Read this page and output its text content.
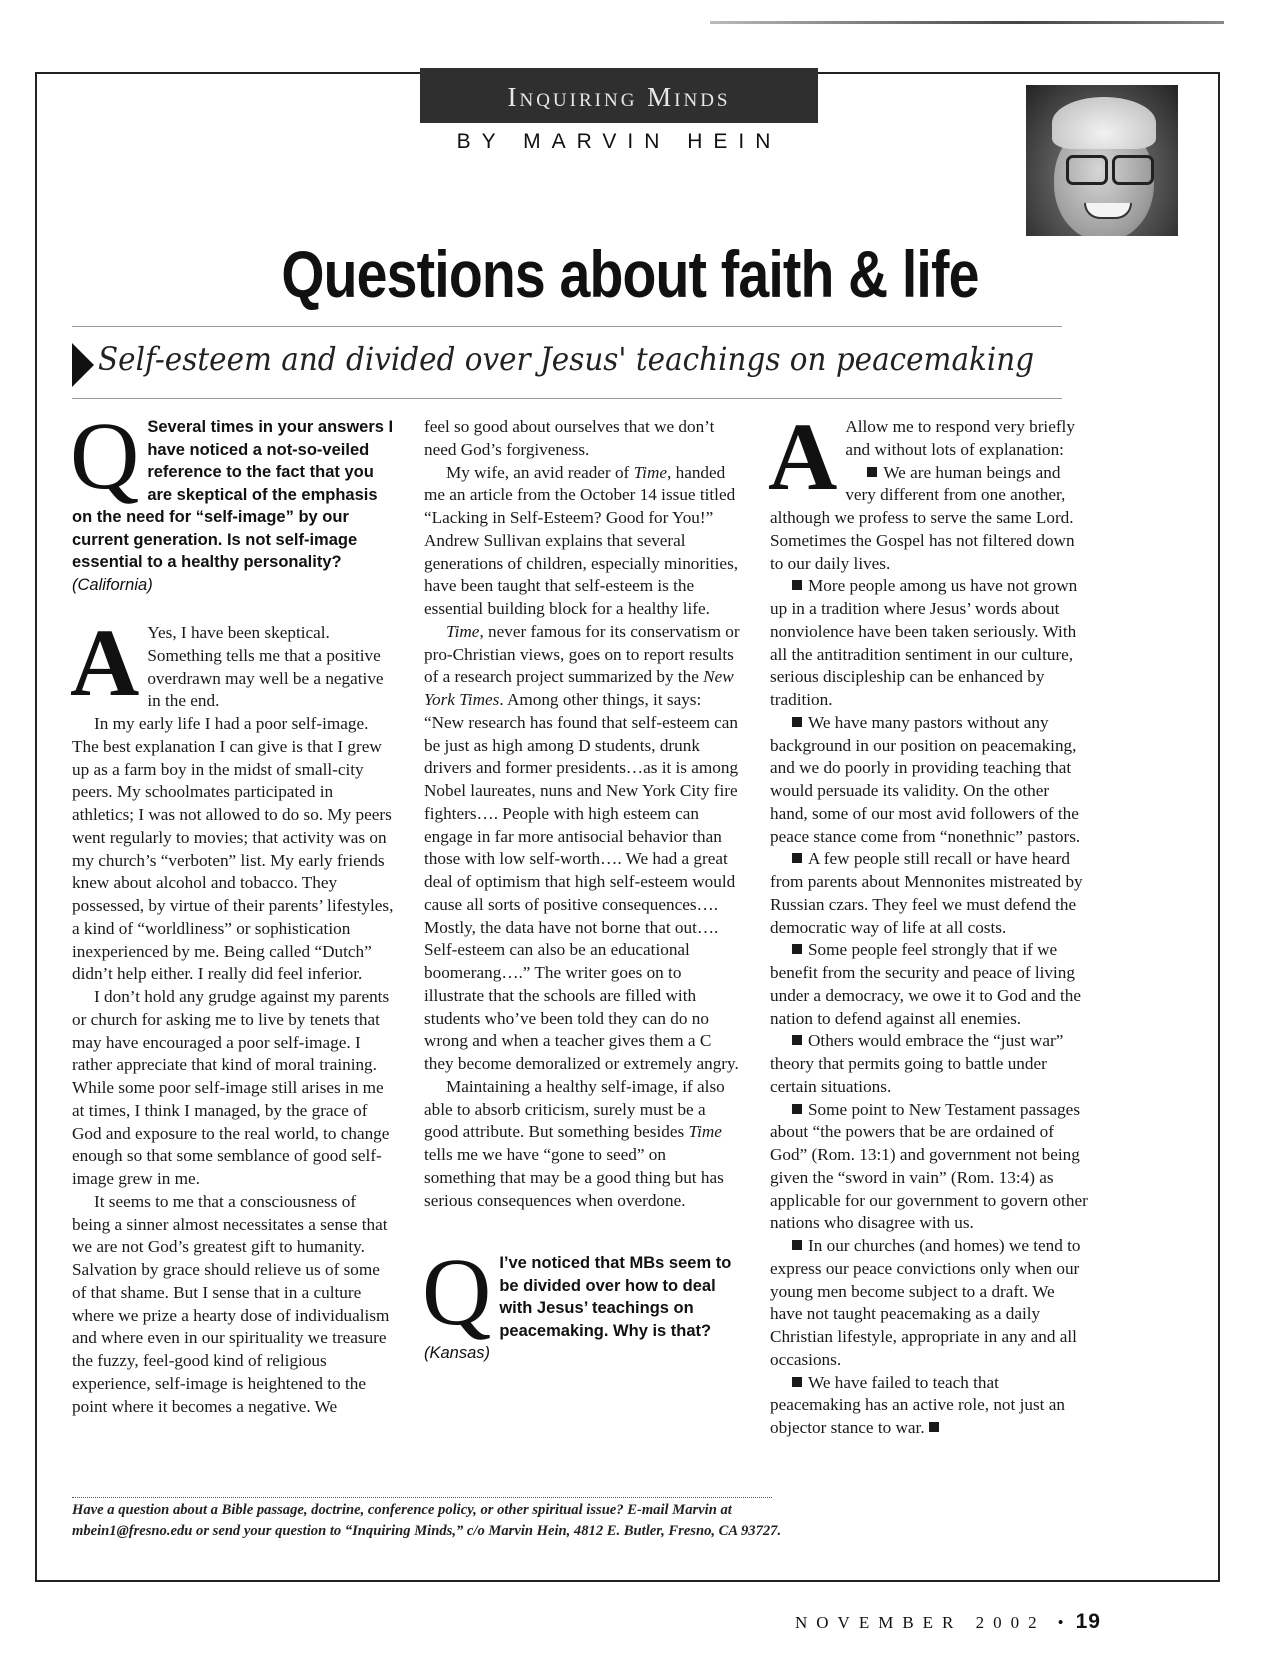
Inquiring Minds
BY MARVIN HEIN
Questions about faith & life
Self-esteem and divided over Jesus' teachings on peacemaking
Q Several times in your answers I have noticed a not-so-veiled reference to the fact that you are skeptical of the emphasis on the need for “self-image” by our current generation. Is not self-image essential to a healthy personality? (California)

A Yes, I have been skeptical. Something tells me that a positive overdrawn may well be a negative in the end.

In my early life I had a poor self-image. The best explanation I can give is that I grew up as a farm boy in the midst of small-city peers. My schoolmates participated in athletics; I was not allowed to do so. My peers went regularly to movies; that activity was on my church’s “verboten” list. My early friends knew about alcohol and tobacco. They possessed, by virtue of their parents’ lifestyles, a kind of “worldliness” or sophistication inexperienced by me. Being called “Dutch” didn’t help either. I really did feel inferior.

I don’t hold any grudge against my parents or church for asking me to live by tenets that may have encouraged a poor self-image. I rather appreciate that kind of moral training. While some poor self-image still arises in me at times, I think I managed, by the grace of God and exposure to the real world, to change enough so that some semblance of good self-image grew in me.

It seems to me that a consciousness of being a sinner almost necessitates a sense that we are not God’s greatest gift to humanity. Salvation by grace should relieve us of some of that shame. But I sense that in a culture where we prize a hearty dose of individualism and where even in our spirituality we treasure the fuzzy, feel-good kind of religious experience, self-image is heightened to the point where it becomes a negative. We

feel so good about ourselves that we don’t need God’s forgiveness.

My wife, an avid reader of Time, handed me an article from the October 14 issue titled “Lacking in Self-Esteem? Good for You!” Andrew Sullivan explains that several generations of children, especially minorities, have been taught that self-esteem is the essential building block for a healthy life.

Time, never famous for its conservatism or pro-Christian views, goes on to report results of a research project summarized by the New York Times. Among other things, it says: “New research has found that self-esteem can be just as high among D students, drunk drivers and former presidents…as it is among Nobel laureates, nuns and New York City fire fighters…. People with high esteem can engage in far more antisocial behavior than those with low self-worth…. We had a great deal of optimism that high self-esteem would cause all sorts of positive consequences…. Mostly, the data have not borne that out…. Self-esteem can also be an educational boomerang….” The writer goes on to illustrate that the schools are filled with students who’ve been told they can do no wrong and when a teacher gives them a C they become demoralized or extremely angry.

Maintaining a healthy self-image, if also able to absorb criticism, surely must be a good attribute. But something besides Time tells me we have “gone to seed” on something that may be a good thing but has serious consequences when overdone.

Q I’ve noticed that MBs seem to be divided over how to deal with Jesus’ teachings on peacemaking. Why is that? (Kansas)

A Allow me to respond very briefly and without lots of explanation:

We are human beings and very different from one another, although we profess to serve the same Lord. Sometimes the Gospel has not filtered down to our daily lives.

More people among us have not grown up in a tradition where Jesus’ words about nonviolence have been taken seriously. With all the antitradition sentiment in our culture, serious discipleship can be enhanced by tradition.

We have many pastors without any background in our position on peacemaking, and we do poorly in providing teaching that would persuade its validity. On the other hand, some of our most avid followers of the peace stance come from “nonethnic” pastors.

A few people still recall or have heard from parents about Mennonites mistreated by Russian czars. They feel we must defend the democratic way of life at all costs.

Some people feel strongly that if we benefit from the security and peace of living under a democracy, we owe it to God and the nation to defend against all enemies.

Others would embrace the “just war” theory that permits going to battle under certain situations.

Some point to New Testament passages about “the powers that be are ordained of God” (Rom. 13:1) and government not being given the “sword in vain” (Rom. 13:4) as applicable for our government to govern other nations who disagree with us.

In our churches (and homes) we tend to express our peace convictions only when our young men become subject to a draft. We have not taught peacemaking as a daily Christian lifestyle, appropriate in any and all occasions.

We have failed to teach that peacemaking has an active role, not just an objector stance to war.

Have a question about a Bible passage, doctrine, conference policy, or other spiritual issue? E-mail Marvin at mbein1@fresno.edu or send your question to “Inquiring Minds,” c/o Marvin Hein, 4812 E. Butler, Fresno, CA 93727.
NOVEMBER 2002 • 19
